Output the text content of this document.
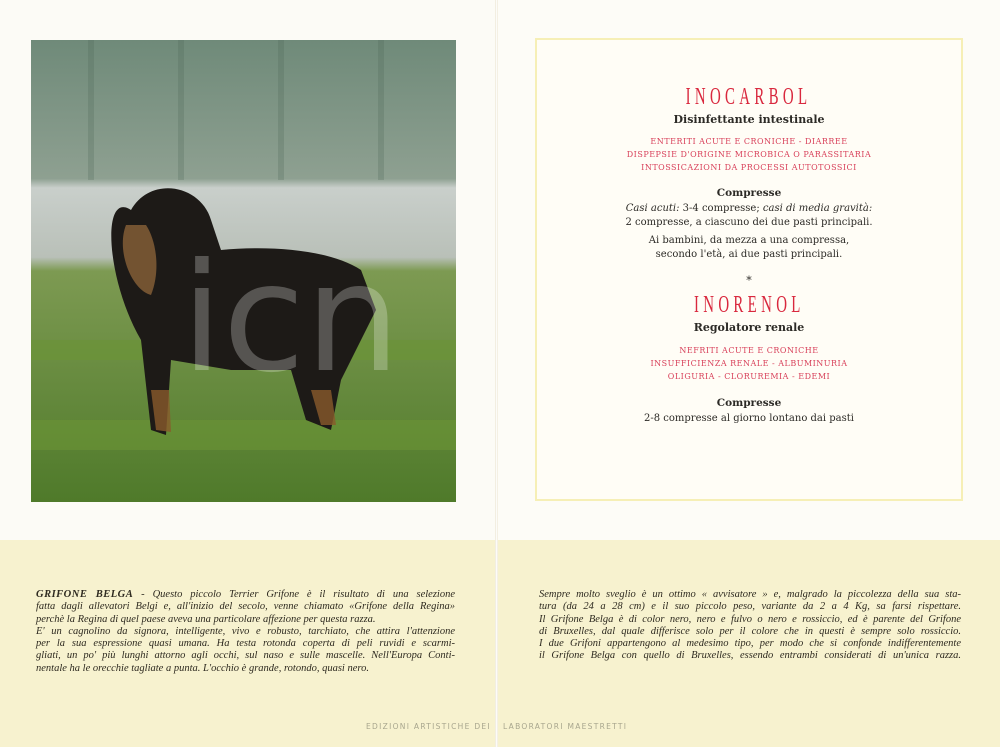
icn
GRIFONE BELGA - Questo piccolo Terrier Grifone è il risultato di una selezione
fatta dagli allevatori Belgi e, all'inizio del secolo, venne chiamato «Grifone della Regina»
perchè la Regina di quel paese aveva una particolare affezione per questa razza.
E' un cagnolino da signora, intelligente, vivo e robusto, tarchiato, che attira l'attenzione
per la sua espressione quasi umana. Ha testa rotonda coperta di peli ruvidi e scarmi-
gliati, un po' più lunghi attorno agli occhi, sul naso e sulle mascelle. Nell'Europa Conti-
nentale ha le orecchie tagliate a punta. L'occhio è grande, rotondo, quasi nero.
EDIZIONI ARTISTICHE DEI
INOCARBOL
Disinfettante intestinale
ENTERITI ACUTE E CRONICHE - DIARREE
DISPEPSIE D'ORIGINE MICROBICA O PARASSITARIA
INTOSSICAZIONI DA PROCESSI AUTOTOSSICI
Compresse
Casi acuti: 3-4 compresse; casi di media gravità:
2 compresse, a ciascuno dei due pasti principali.
Ai bambini, da mezza a una compressa,
secondo l'età, ai due pasti principali.
*
INORENOL
Regolatore renale
NEFRITI ACUTE E CRONICHE
INSUFFICIENZA RENALE - ALBUMINURIA
OLIGURIA - CLORUREMIA - EDEMI
Compresse
2-8 compresse al giorno lontano dai pasti
Sempre molto sveglio è un ottimo « avvisatore » e, malgrado la piccolezza della sua sta-
tura (da 24 a 28 cm) e il suo piccolo peso, variante da 2 a 4 Kg, sa farsi rispettare.
Il Grifone Belga è di color nero, nero e fulvo o nero e rossiccio, ed è parente del Grifone
di Bruxelles, dal quale differisce solo per il colore che in questi è sempre solo rossiccio.
I due Grifoni appartengono al medesimo tipo, per modo che si confonde indifferentemente
il Grifone Belga con quello di Bruxelles, essendo entrambi considerati di un'unica razza.
LABORATORI MAESTRETTI
